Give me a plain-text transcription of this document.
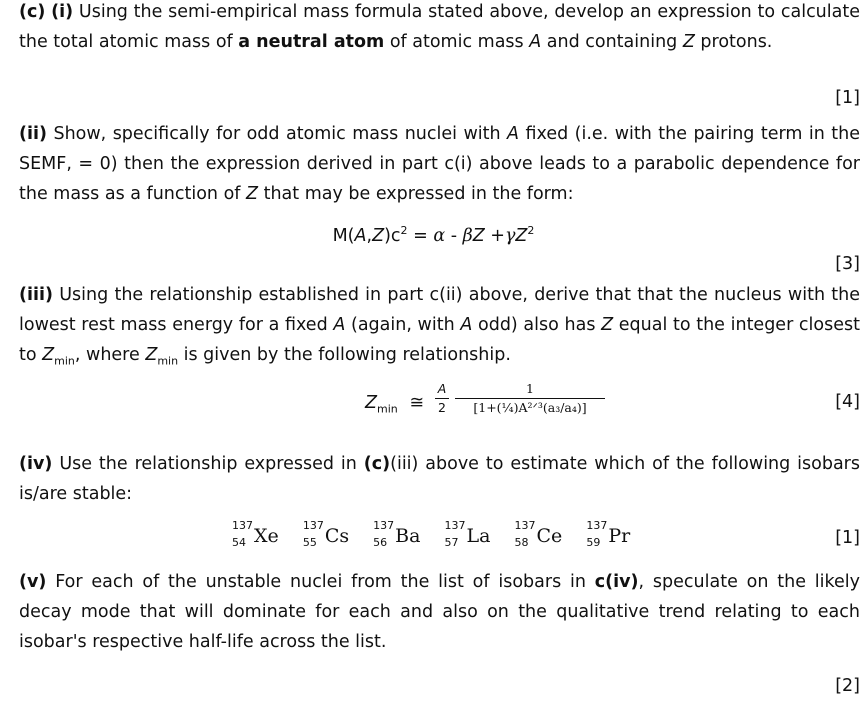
(c) (i) Using the semi-empirical mass formula stated above, develop an expression to calculate the total atomic mass of a neutral atom of atomic mass A and containing Z protons.
[1]
(ii) Show, specifically for odd atomic mass nuclei with A fixed (i.e. with the pairing term in the SEMF, = 0) then the expression derived in part c(i) above leads to a parabolic dependence for the mass as a function of Z that may be expressed in the form:
$M(A,Z)c^2 = \alpha - \beta Z +\gamma Z^2$
[3]
(iii) Using the relationship established in part c(ii) above, derive that that the nucleus with the lowest rest mass energy for a fixed A (again, with A odd) also has Z equal to the integer closest to $Z_{min}$, where $Z_{min}$ is given by the following relationship.
$Z_{min}$ ≅
A
2
1
[1+(¼)A²ᐟ³(a₃/a₄)]	[4]
(iv) Use the relationship expressed in (c)(iii) above to estimate which of the following isobars is/are stable:
137
54 Xe 137
55 Cs 137
56 Ba 137
57 La 137
58 Ce 137
59 Pr	[1]
(v) For each of the unstable nuclei from the list of isobars in c(iv), speculate on the likely decay mode that will dominate for each and also on the qualitative trend relating to each isobar's respective half-life across the list.
[2]
